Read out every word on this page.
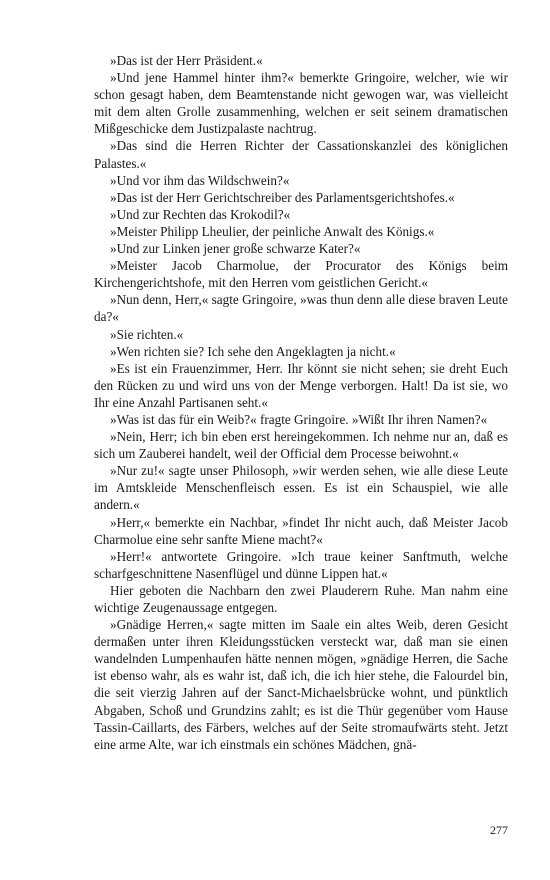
»Das ist der Herr Präsident.«

»Und jene Hammel hinter ihm?« bemerkte Gringoire, welcher, wie wir schon gesagt haben, dem Beamtenstande nicht gewogen war, was vielleicht mit dem alten Grolle zusammenhing, welchen er seit seinem dramatischen Mißgeschicke dem Justizpalaste nachtrug.

»Das sind die Herren Richter der Cassationskanzlei des königlichen Palastes.«

»Und vor ihm das Wildschwein?«

»Das ist der Herr Gerichtschreiber des Parlamentsgerichtshofes.«

»Und zur Rechten das Krokodil?«

»Meister Philipp Lheulier, der peinliche Anwalt des Königs.«

»Und zur Linken jener große schwarze Kater?«

»Meister Jacob Charmolue, der Procurator des Königs beim Kirchengerichtshofe, mit den Herren vom geistlichen Gericht.«

»Nun denn, Herr,« sagte Gringoire, »was thun denn alle diese braven Leute da?«

»Sie richten.«

»Wen richten sie? Ich sehe den Angeklagten ja nicht.«

»Es ist ein Frauenzimmer, Herr. Ihr könnt sie nicht sehen; sie dreht Euch den Rücken zu und wird uns von der Menge verborgen. Halt! Da ist sie, wo Ihr eine Anzahl Partisanen seht.«

»Was ist das für ein Weib?« fragte Gringoire. »Wißt Ihr ihren Namen?«

»Nein, Herr; ich bin eben erst hereingekommen. Ich nehme nur an, daß es sich um Zauberei handelt, weil der Official dem Processe beiwohnt.«

»Nur zu!« sagte unser Philosoph, »wir werden sehen, wie alle diese Leute im Amtskleide Menschenfleisch essen. Es ist ein Schauspiel, wie alle andern.«

»Herr,« bemerkte ein Nachbar, »findet Ihr nicht auch, daß Meister Jacob Charmolue eine sehr sanfte Miene macht?«

»Herr!« antwortete Gringoire. »Ich traue keiner Sanftmuth, welche scharfgeschnittene Nasenflügel und dünne Lippen hat.«

Hier geboten die Nachbarn den zwei Plauderern Ruhe. Man nahm eine wichtige Zeugenaussage entgegen.

»Gnädige Herren,« sagte mitten im Saale ein altes Weib, deren Gesicht dermaßen unter ihren Kleidungsstücken versteckt war, daß man sie einen wandelnden Lumpenhaufen hätte nennen mögen, »gnädige Herren, die Sache ist ebenso wahr, als es wahr ist, daß ich, die ich hier stehe, die Falourdel bin, die seit vierzig Jahren auf der Sanct-Michaelsbrücke wohnt, und pünktlich Abgaben, Schoß und Grundzins zahlt; es ist die Thür gegenüber vom Hause Tassin-Caillarts, des Färbers, welches auf der Seite stromaufwärts steht. Jetzt eine arme Alte, war ich einstmals ein schönes Mädchen, gnä-

277
